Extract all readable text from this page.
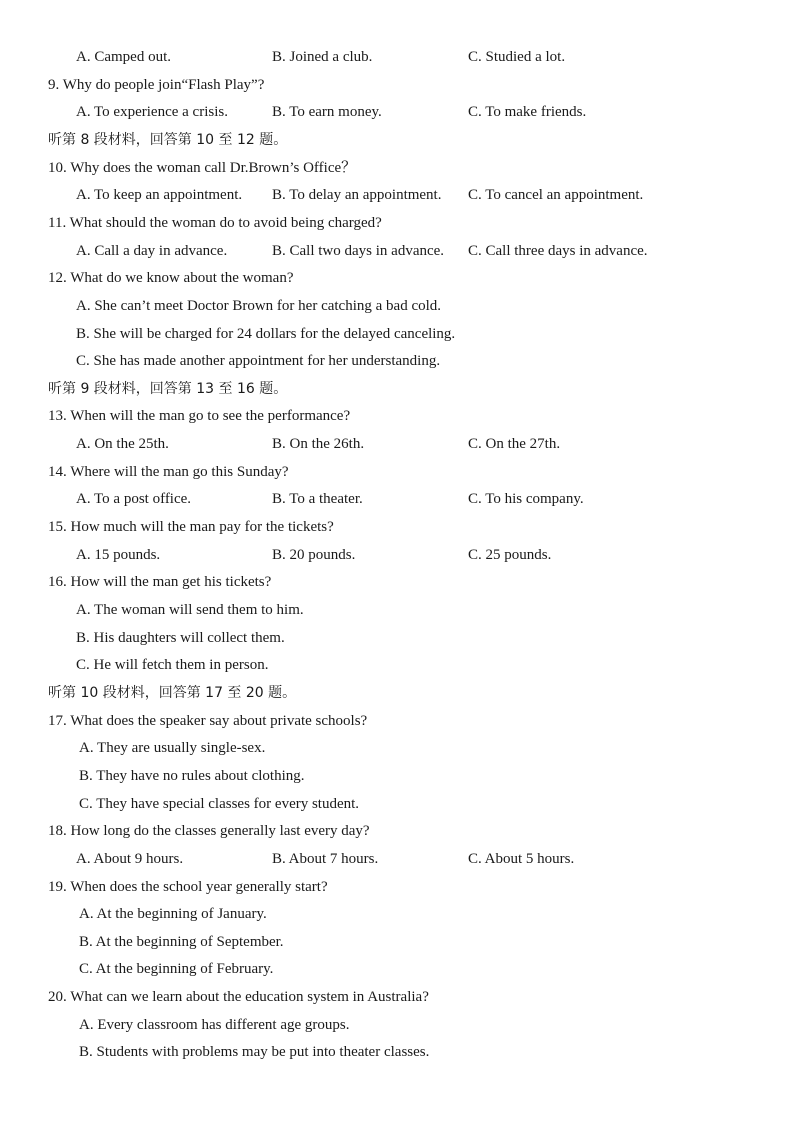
A. Camped out.	B. Joined a club.	C. Studied a lot.
9. Why do people join“Flash Play”?
A. To experience a crisis.	B. To earn money.	C. To make friends.
听第 8 段材料，回答第 10 至 12 题。
10. Why does the woman call Dr.Brown’s Office？
A. To keep an appointment. B. To delay an appointment. C. To cancel an appointment.
11. What should the woman do to avoid being charged?
A. Call a day in advance.	B. Call two days in advance. C. Call three days in advance.
12. What do we know about the woman?
A. She can’t meet Doctor Brown for her catching a bad cold.
B. She will be charged for 24 dollars for the delayed canceling.
C. She has made another appointment for her understanding.
听第 9 段材料，回答第 13 至 16 题。
13. When will the man go to see the performance?
A. On the 25th.	B. On the 26th.	C. On the 27th.
14. Where will the man go this Sunday?
A. To a post office.	B. To a theater.	C. To his company.
15. How much will the man pay for the tickets?
A. 15 pounds.	B. 20 pounds.	C. 25 pounds.
16. How will the man get his tickets?
A. The woman will send them to him.
B. His daughters will collect them.
C. He will fetch them in person.
听第 10 段材料，回答第 17 至 20 题。
17. What does the speaker say about private schools?
A. They are usually single-sex.
B. They have no rules about clothing.
C. They have special classes for every student.
18. How long do the classes generally last every day?
A. About 9 hours.	B. About 7 hours.	C. About 5 hours.
19. When does the school year generally start?
A. At the beginning of January.
B. At the beginning of September.
C. At the beginning of February.
20. What can we learn about the education system in Australia?
A. Every classroom has different age groups.
B. Students with problems may be put into theater classes.
